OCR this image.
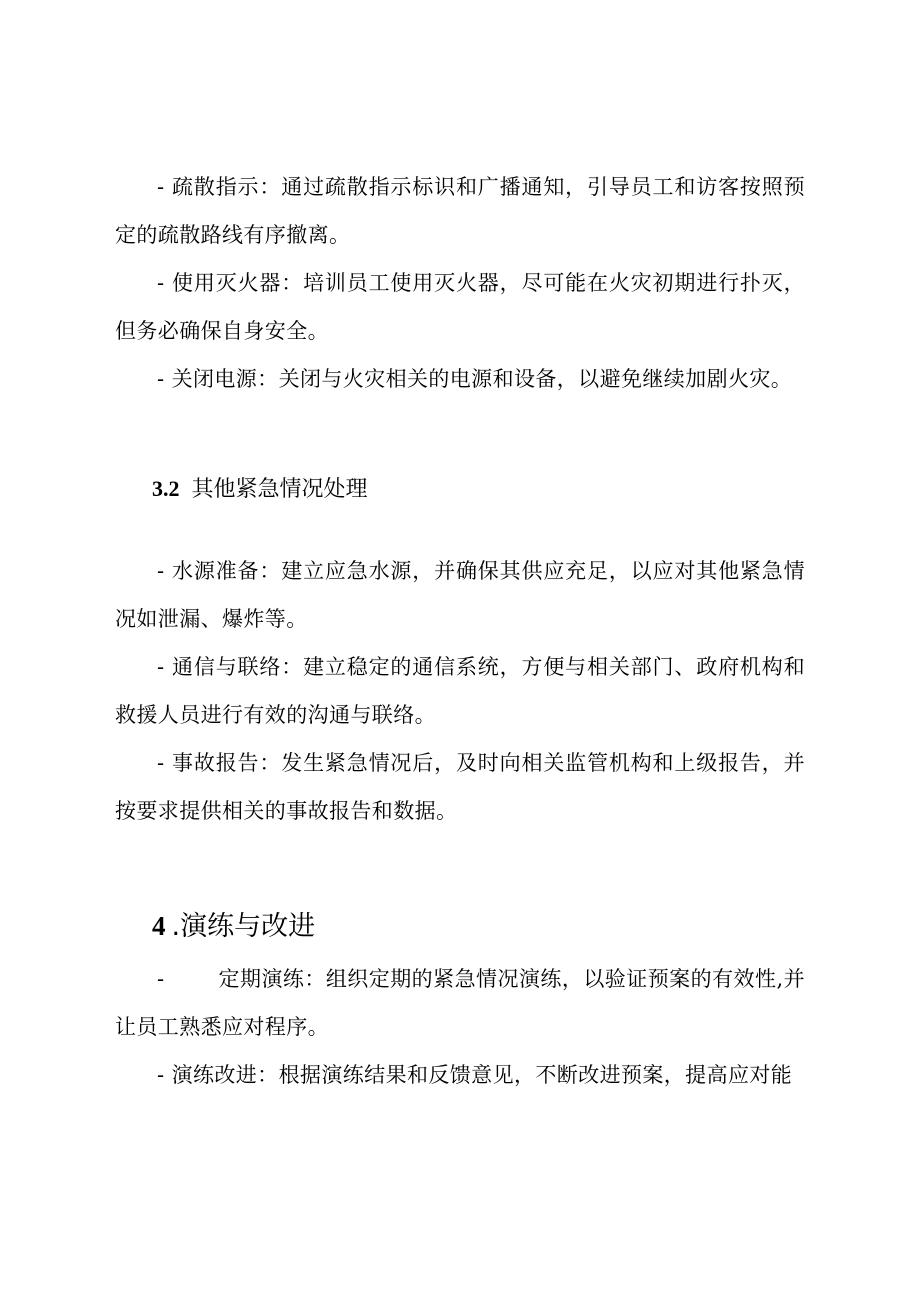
- 疏散指示：通过疏散指示标识和广播通知，引导员工和访客按照预定的疏散路线有序撤离。

- 使用灭火器：培训员工使用灭火器，尽可能在火灾初期进行扑灭，但务必确保自身安全。

- 关闭电源：关闭与火灾相关的电源和设备，以避免继续加剧火灾。

3.2 其他紧急情况处理

- 水源准备：建立应急水源，并确保其供应充足，以应对其他紧急情况如泄漏、爆炸等。

- 通信与联络：建立稳定的通信系统，方便与相关部门、政府机构和救援人员进行有效的沟通与联络。

- 事故报告：发生紧急情况后，及时向相关监管机构和上级报告，并按要求提供相关的事故报告和数据。

4 .演练与改进

-	定期演练：组织定期的紧急情况演练，以验证预案的有效性,并让员工熟悉应对程序。

- 演练改进：根据演练结果和反馈意见，不断改进预案，提高应对能
